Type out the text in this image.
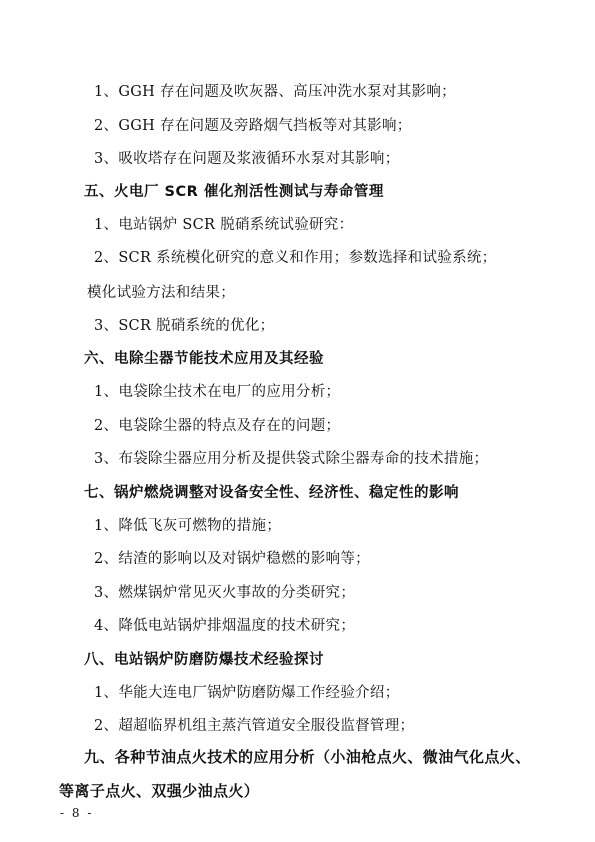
1、GGH 存在问题及吹灰器、高压冲洗水泵对其影响；
2、GGH 存在问题及旁路烟气挡板等对其影响；
3、吸收塔存在问题及浆液循环水泵对其影响；
五、火电厂 SCR 催化剂活性测试与寿命管理
1、电站锅炉 SCR 脱硝系统试验研究：
2、SCR 系统模化研究的意义和作用；参数选择和试验系统；
模化试验方法和结果；
3、SCR 脱硝系统的优化；
六、电除尘器节能技术应用及其经验
1、电袋除尘技术在电厂的应用分析；
2、电袋除尘器的特点及存在的问题；
3、布袋除尘器应用分析及提供袋式除尘器寿命的技术措施；
七、锅炉燃烧调整对设备安全性、经济性、稳定性的影响
1、降低飞灰可燃物的措施；
2、结渣的影响以及对锅炉稳燃的影响等；
3、燃煤锅炉常见灭火事故的分类研究；
4、降低电站锅炉排烟温度的技术研究；
八、电站锅炉防磨防爆技术经验探讨
1、华能大连电厂锅炉防磨防爆工作经验介绍；
2、超超临界机组主蒸汽管道安全服役监督管理；
九、各种节油点火技术的应用分析（小油枪点火、微油气化点火、
等离子点火、双强少油点火）
- 8 -
